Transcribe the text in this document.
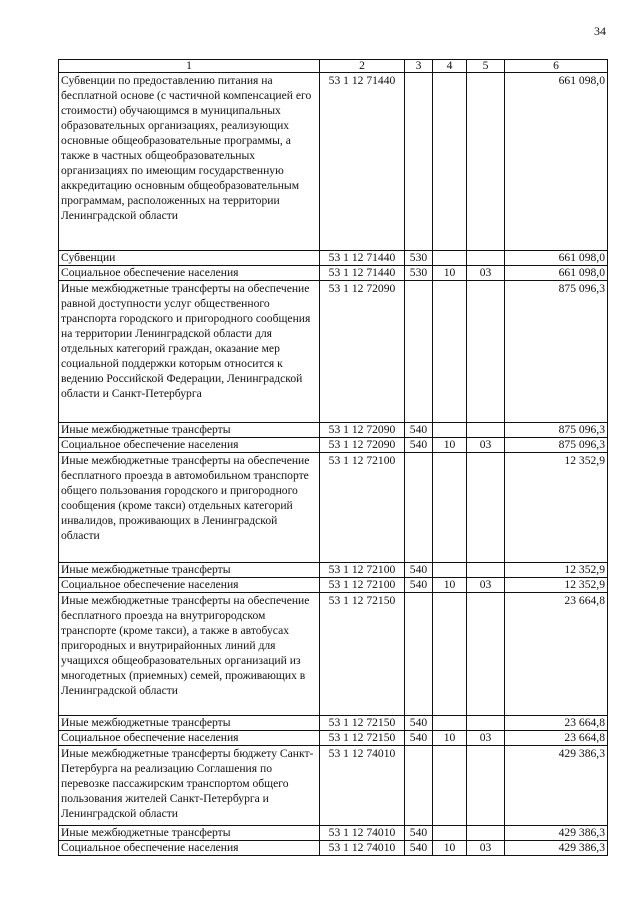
34
1	2	3	4	5	6
Субвенции по предоставлению питания на бесплатной основе (с частичной компенсацией его стоимости) обучающимся в муниципальных образовательных организациях, реализующих основные общеобразовательные программы, а также в частных общеобразовательных организациях по имеющим государственную аккредитацию основным общеобразовательным программам, расположенных на территории Ленинградской области	53 1 12 71440				661 098,0
Субвенции	53 1 12 71440	530			661 098,0
Социальное обеспечение населения	53 1 12 71440	530	10	03	661 098,0
Иные межбюджетные трансферты на обеспечение равной доступности услуг общественного транспорта городского и пригородного сообщения на территории Ленинградской области для отдельных категорий граждан, оказание мер социальной поддержки которым относится к ведению Российской Федерации, Ленинградской области и Санкт-Петербурга	53 1 12 72090				875 096,3
Иные межбюджетные трансферты	53 1 12 72090	540			875 096,3
Социальное обеспечение населения	53 1 12 72090	540	10	03	875 096,3
Иные межбюджетные трансферты на обеспечение бесплатного проезда в автомобильном транспорте общего пользования городского и пригородного сообщения (кроме такси) отдельных категорий инвалидов, проживающих в Ленинградской области	53 1 12 72100				12 352,9
Иные межбюджетные трансферты	53 1 12 72100	540			12 352,9
Социальное обеспечение населения	53 1 12 72100	540	10	03	12 352,9
Иные межбюджетные трансферты на обеспечение бесплатного проезда на внутригородском транспорте (кроме такси), а также в автобусах пригородных и внутрирайонных линий для учащихся общеобразовательных организаций из многодетных (приемных) семей, проживающих в Ленинградской области	53 1 12 72150				23 664,8
Иные межбюджетные трансферты	53 1 12 72150	540			23 664,8
Социальное обеспечение населения	53 1 12 72150	540	10	03	23 664,8
Иные межбюджетные трансферты бюджету Санкт-Петербурга на реализацию Соглашения по перевозке пассажирским транспортом общего пользования жителей Санкт-Петербурга и Ленинградской области	53 1 12 74010				429 386,3
Иные межбюджетные трансферты	53 1 12 74010	540			429 386,3
Социальное обеспечение населения	53 1 12 74010	540	10	03	429 386,3
